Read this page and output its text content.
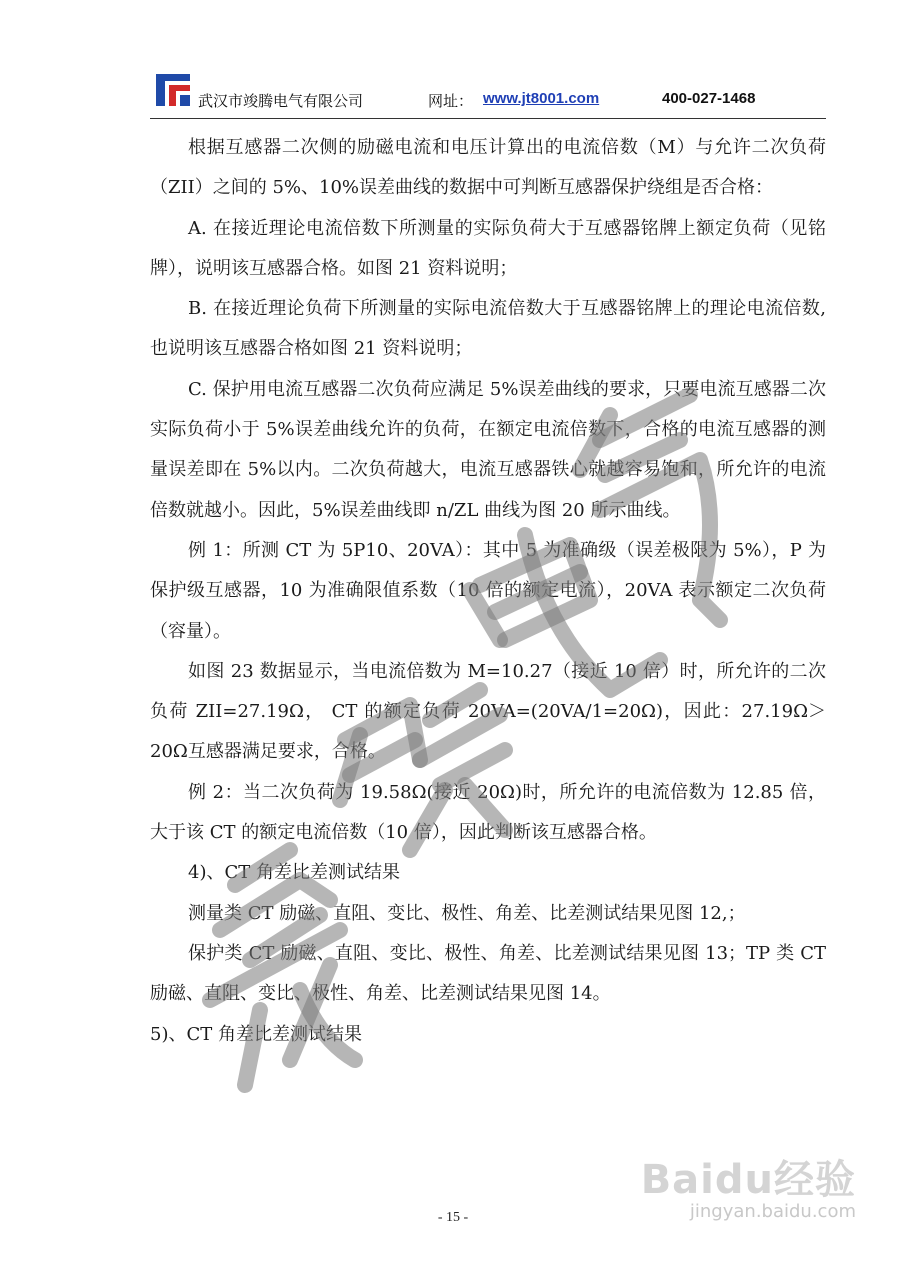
武汉市竣腾电气有限公司	网址： www.jt8001.com	400-027-1468

根据互感器二次侧的励磁电流和电压计算出的电流倍数（M）与允许二次负荷（ZII）之间的 5%、10%误差曲线的数据中可判断互感器保护绕组是否合格：

A. 在接近理论电流倍数下所测量的实际负荷大于互感器铭牌上额定负荷（见铭牌），说明该互感器合格。如图 21 资料说明；

B. 在接近理论负荷下所测量的实际电流倍数大于互感器铭牌上的理论电流倍数,也说明该互感器合格如图 21 资料说明；

C. 保护用电流互感器二次负荷应满足 5%误差曲线的要求，只要电流互感器二次实际负荷小于 5%误差曲线允许的负荷，在额定电流倍数下，合格的电流互感器的测量误差即在 5%以内。二次负荷越大，电流互感器铁心就越容易饱和，所允许的电流倍数就越小。因此，5%误差曲线即 n/ZL 曲线为图 20 所示曲线。

例 1：所测 CT 为 5P10、20VA）：其中 5 为准确级（误差极限为 5%），P 为保护级互感器，10 为准确限值系数（10 倍的额定电流），20VA 表示额定二次负荷（容量）。

如图 23 数据显示，当电流倍数为 M=10.27（接近 10 倍）时，所允许的二次负荷 ZII=27.19Ω， CT 的额定负荷 20VA=(20VA/1=20Ω)，因此：27.19Ω＞20Ω互感器满足要求，合格。

例 2：当二次负荷为 19.58Ω(接近 20Ω)时，所允许的电流倍数为 12.85 倍，大于该 CT 的额定电流倍数（10 倍），因此判断该互感器合格。

4)、CT 角差比差测试结果

测量类 CT 励磁、直阻、变比、极性、角差、比差测试结果见图 12,；

保护类 CT 励磁、直阻、变比、极性、角差、比差测试结果见图 13；TP 类 CT 励磁、直阻、变比、极性、角差、比差测试结果见图 14。

5)、CT 角差比差测试结果

Baidu经验
jingyan.baidu.com
- 15 -
